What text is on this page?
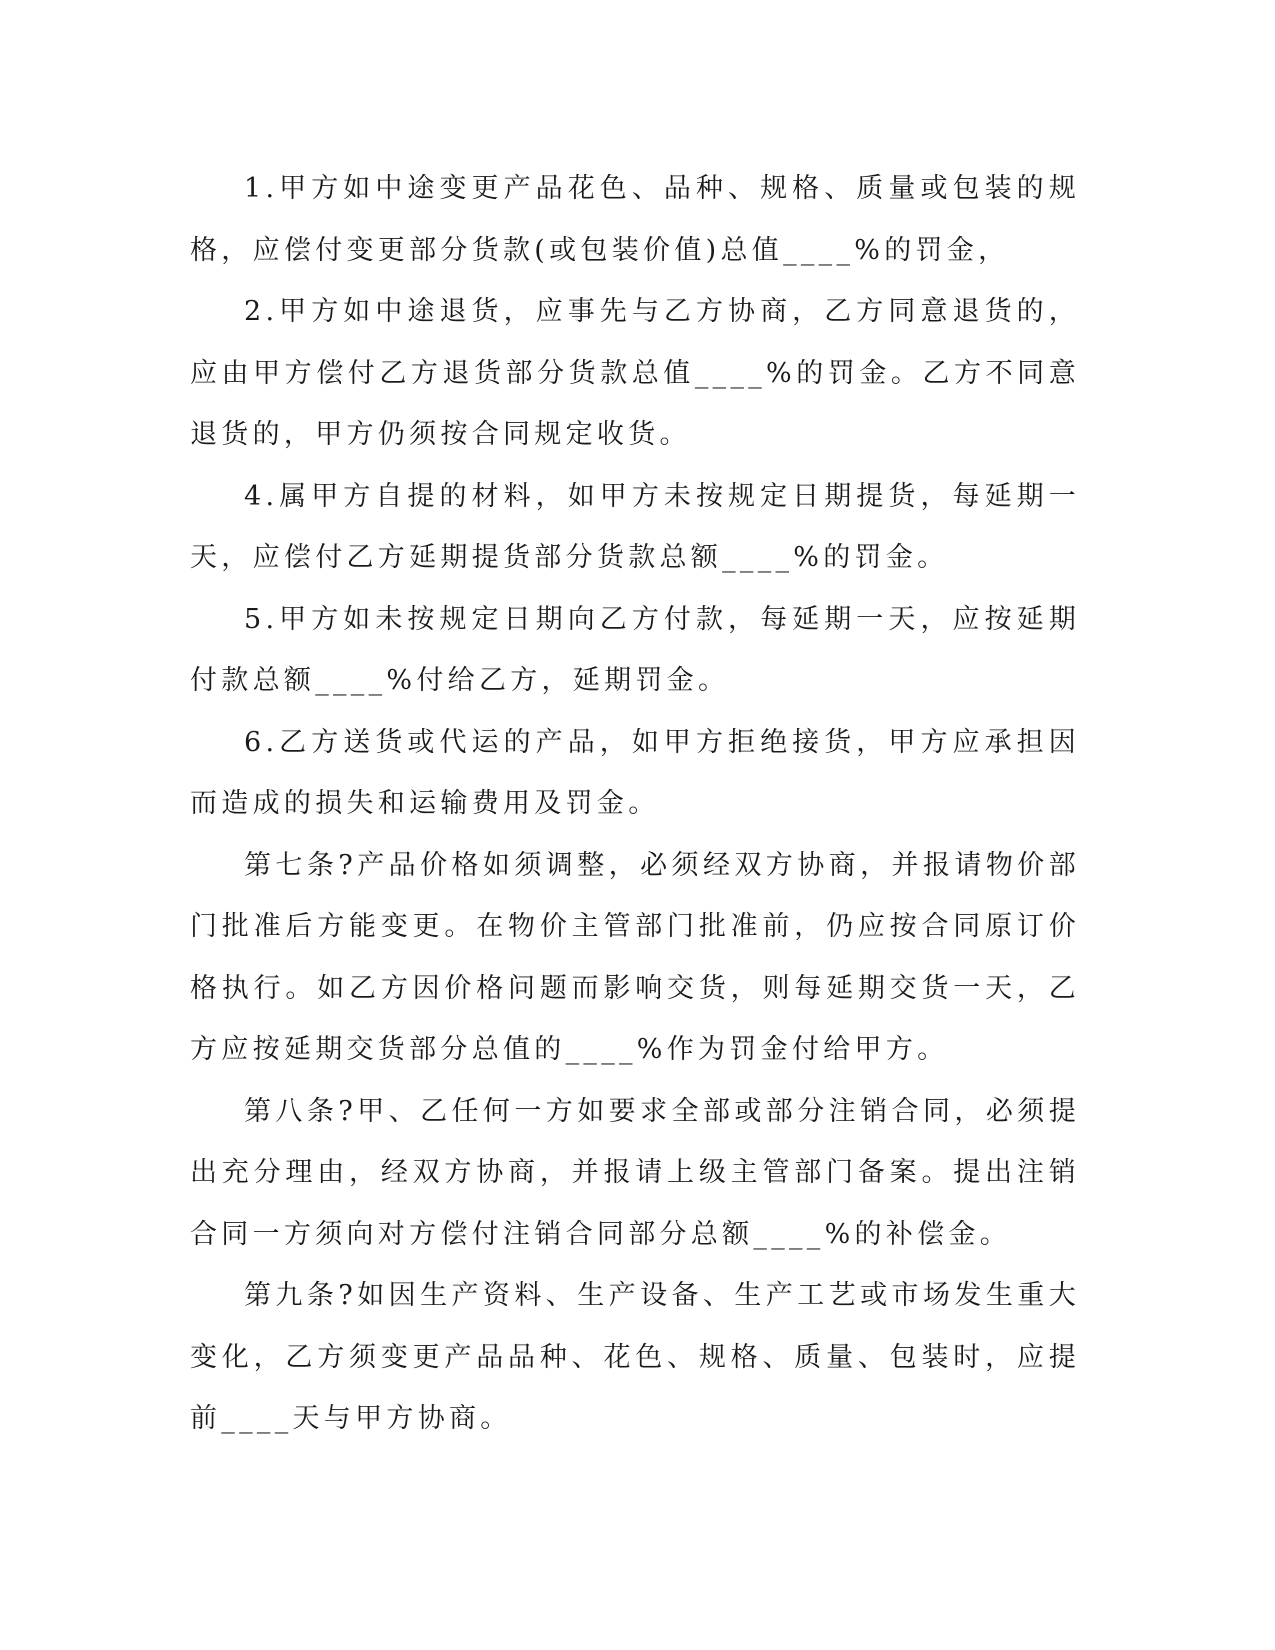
1.甲方如中途变更产品花色、品种、规格、质量或包装的规格，应偿付变更部分货款(或包装价值)总值____%的罚金，

2.甲方如中途退货，应事先与乙方协商，乙方同意退货的，应由甲方偿付乙方退货部分货款总值____%的罚金。乙方不同意退货的，甲方仍须按合同规定收货。

4.属甲方自提的材料，如甲方未按规定日期提货，每延期一天，应偿付乙方延期提货部分货款总额____%的罚金。

5.甲方如未按规定日期向乙方付款，每延期一天，应按延期付款总额____%付给乙方，延期罚金。

6.乙方送货或代运的产品，如甲方拒绝接货，甲方应承担因而造成的损失和运输费用及罚金。

第七条?产品价格如须调整，必须经双方协商，并报请物价部门批准后方能变更。在物价主管部门批准前，仍应按合同原订价格执行。如乙方因价格问题而影响交货，则每延期交货一天，乙方应按延期交货部分总值的____%作为罚金付给甲方。

第八条?甲、乙任何一方如要求全部或部分注销合同，必须提出充分理由，经双方协商，并报请上级主管部门备案。提出注销合同一方须向对方偿付注销合同部分总额____%的补偿金。

第九条?如因生产资料、生产设备、生产工艺或市场发生重大变化，乙方须变更产品品种、花色、规格、质量、包装时，应提前____天与甲方协商。
